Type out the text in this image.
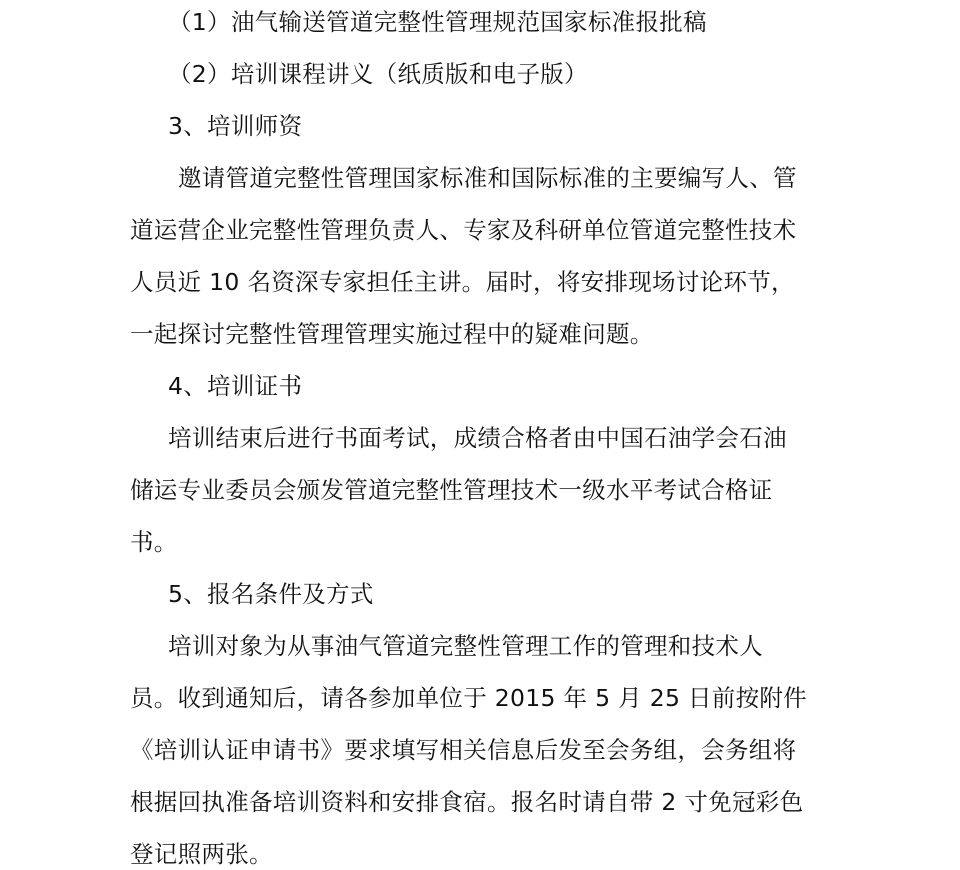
（1）油气输送管道完整性管理规范国家标准报批稿
（2）培训课程讲义（纸质版和电子版）
3、培训师资
邀请管道完整性管理国家标准和国际标准的主要编写人、管
道运营企业完整性管理负责人、专家及科研单位管道完整性技术
人员近 10 名资深专家担任主讲。届时，将安排现场讨论环节，
一起探讨完整性管理管理实施过程中的疑难问题。
4、培训证书
培训结束后进行书面考试，成绩合格者由中国石油学会石油
储运专业委员会颁发管道完整性管理技术一级水平考试合格证
书。
5、报名条件及方式
培训对象为从事油气管道完整性管理工作的管理和技术人
员。收到通知后，请各参加单位于 2015 年 5 月 25 日前按附件
《培训认证申请书》要求填写相关信息后发至会务组，会务组将
根据回执准备培训资料和安排食宿。报名时请自带 2 寸免冠彩色
登记照两张。
